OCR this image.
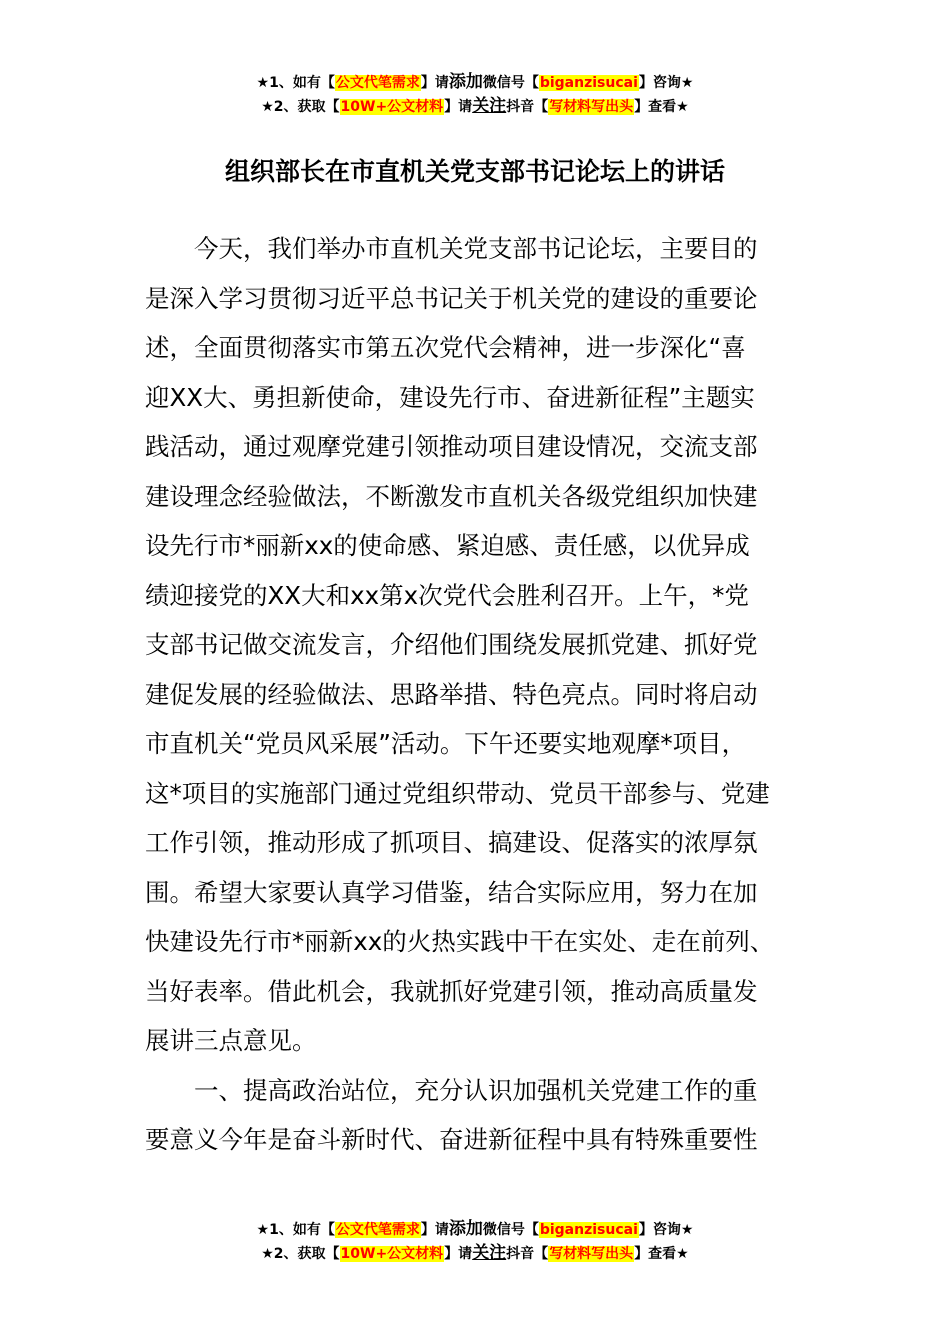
★1、如有【公文代笔需求】请添加微信号【biganzisucai】咨询★
★2、获取【10W+公文材料】请关注抖音【写材料写出头】查看★
组织部长在市直机关党支部书记论坛上的讲话
　　今天，我们举办市直机关党支部书记论坛，主要目的
是深入学习贯彻习近平总书记关于机关党的建设的重要论
述，全面贯彻落实市第五次党代会精神，进一步深化“喜
迎XX大、勇担新使命，建设先行市、奋进新征程”主题实
践活动，通过观摩党建引领推动项目建设情况，交流支部
建设理念经验做法，不断激发市直机关各级党组织加快建
设先行市*丽新xx的使命感、紧迫感、责任感，以优异成
绩迎接党的XX大和xx第x次党代会胜利召开。上午，*党
支部书记做交流发言，介绍他们围绕发展抓党建、抓好党
建促发展的经验做法、思路举措、特色亮点。同时将启动
市直机关“党员风采展”活动。下午还要实地观摩*项目，
这*项目的实施部门通过党组织带动、党员干部参与、党建
工作引领，推动形成了抓项目、搞建设、促落实的浓厚氛
围。希望大家要认真学习借鉴，结合实际应用，努力在加
快建设先行市*丽新xx的火热实践中干在实处、走在前列、
当好表率。借此机会，我就抓好党建引领，推动高质量发
展讲三点意见。
　　一、提高政治站位，充分认识加强机关党建工作的重
要意义今年是奋斗新时代、奋进新征程中具有特殊重要性
★1、如有【公文代笔需求】请添加微信号【biganzisucai】咨询★
★2、获取【10W+公文材料】请关注抖音【写材料写出头】查看★
